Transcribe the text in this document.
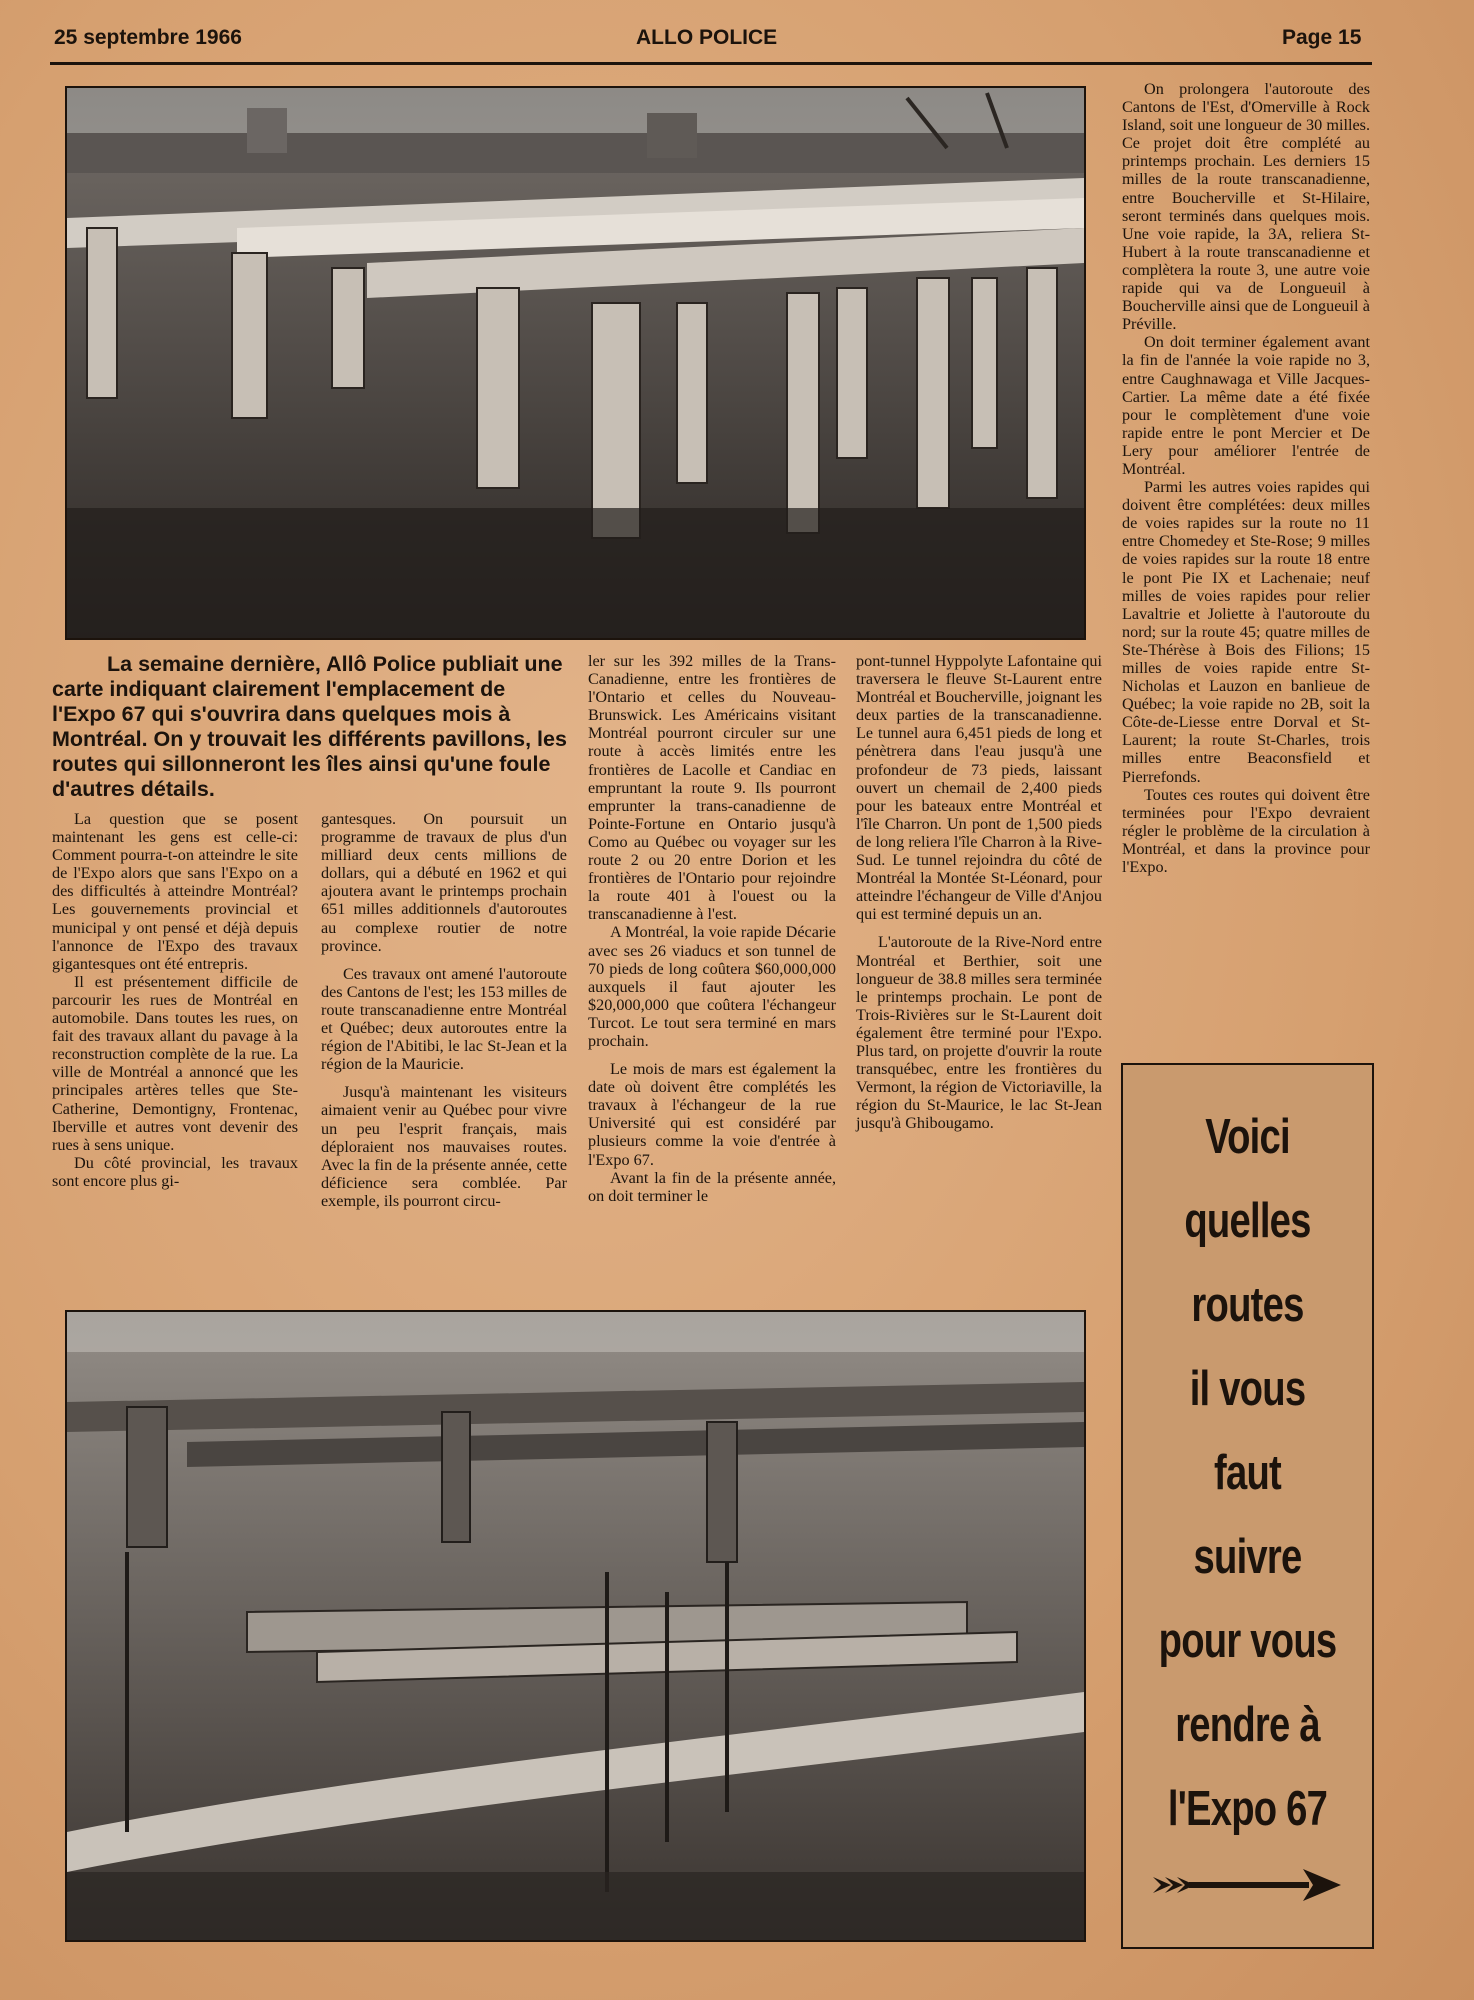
25 septembre 1966	ALLO POLICE	Page 15

La semaine dernière, Allô Police publiait une carte indiquant clairement l'emplacement de l'Expo 67 qui s'ouvrira dans quelques mois à Montréal. On y trouvait les différents pavillons, les routes qui sillonneront les îles ainsi qu'une foule d'autres détails.

La question que se posent maintenant les gens est celle-ci: Comment pourra-t-on atteindre le site de l'Expo alors que sans l'Expo on a des difficultés à atteindre Montréal? Les gouvernements provincial et municipal y ont pensé et déjà depuis l'annonce de l'Expo des travaux gigantesques ont été entrepris.

Il est présentement difficile de parcourir les rues de Montréal en automobile. Dans toutes les rues, on fait des travaux allant du pavage à la reconstruction complète de la rue. La ville de Montréal a annoncé que les principales artères telles que Ste-Catherine, Demontigny, Frontenac, Iberville et autres vont devenir des rues à sens unique.

Du côté provincial, les travaux sont encore plus gi-

gantesques. On poursuit un programme de travaux de plus d'un milliard deux cents millions de dollars, qui a débuté en 1962 et qui ajoutera avant le printemps prochain 651 milles additionnels d'autoroutes au complexe routier de notre province.

Ces travaux ont amené l'autoroute des Cantons de l'est; les 153 milles de route transcanadienne entre Montréal et Québec; deux autoroutes entre la région de l'Abitibi, le lac St-Jean et la région de la Mauricie.

Jusqu'à maintenant les visiteurs aimaient venir au Québec pour vivre un peu l'esprit français, mais déploraient nos mauvaises routes. Avec la fin de la présente année, cette déficience sera comblée. Par exemple, ils pourront circu-

ler sur les 392 milles de la Trans-Canadienne, entre les frontières de l'Ontario et celles du Nouveau-Brunswick. Les Américains visitant Montréal pourront circuler sur une route à accès limités entre les frontières de Lacolle et Candiac en empruntant la route 9. Ils pourront emprunter la trans-canadienne de Pointe-Fortune en Ontario jusqu'à Como au Québec ou voyager sur les route 2 ou 20 entre Dorion et les frontières de l'Ontario pour rejoindre la route 401 à l'ouest ou la transcanadienne à l'est.

A Montréal, la voie rapide Décarie avec ses 26 viaducs et son tunnel de 70 pieds de long coûtera $60,000,000 auxquels il faut ajouter les $20,000,000 que coûtera l'échangeur Turcot. Le tout sera terminé en mars prochain.

Le mois de mars est également la date où doivent être complétés les travaux à l'échangeur de la rue Université qui est considéré par plusieurs comme la voie d'entrée à l'Expo 67.

Avant la fin de la présente année, on doit terminer le

pont-tunnel Hyppolyte Lafontaine qui traversera le fleuve St-Laurent entre Montréal et Boucherville, joignant les deux parties de la transcanadienne. Le tunnel aura 6,451 pieds de long et pénètrera dans l'eau jusqu'à une profondeur de 73 pieds, laissant ouvert un chemail de 2,400 pieds pour les bateaux entre Montréal et l'île Charron. Un pont de 1,500 pieds de long reliera l'île Charron à la Rive-Sud. Le tunnel rejoindra du côté de Montréal la Montée St-Léonard, pour atteindre l'échangeur de Ville d'Anjou qui est terminé depuis un an.

L'autoroute de la Rive-Nord entre Montréal et Berthier, soit une longueur de 38.8 milles sera terminée le printemps prochain. Le pont de Trois-Rivières sur le St-Laurent doit également être terminé pour l'Expo. Plus tard, on projette d'ouvrir la route transquébec, entre les frontières du Vermont, la région de Victoriaville, la région du St-Maurice, le lac St-Jean jusqu'à Ghibougamo.

On prolongera l'autoroute des Cantons de l'Est, d'Omerville à Rock Island, soit une longueur de 30 milles. Ce projet doit être complété au printemps prochain. Les derniers 15 milles de la route transcanadienne, entre Boucherville et St-Hilaire, seront terminés dans quelques mois. Une voie rapide, la 3A, reliera St-Hubert à la route transcanadienne et complètera la route 3, une autre voie rapide qui va de Longueuil à Boucherville ainsi que de Longueuil à Préville.

On doit terminer également avant la fin de l'année la voie rapide no 3, entre Caughnawaga et Ville Jacques-Cartier. La même date a été fixée pour le complètement d'une voie rapide entre le pont Mercier et De Lery pour améliorer l'entrée de Montréal.

Parmi les autres voies rapides qui doivent être complétées: deux milles de voies rapides sur la route no 11 entre Chomedey et Ste-Rose; 9 milles de voies rapides sur la route 18 entre le pont Pie IX et Lachenaie; neuf milles de voies rapides pour relier Lavaltrie et Joliette à l'autoroute du nord; sur la route 45; quatre milles de Ste-Thérèse à Bois des Filions; 15 milles de voies rapide entre St-Nicholas et Lauzon en banlieue de Québec; la voie rapide no 2B, soit la Côte-de-Liesse entre Dorval et St-Laurent; la route St-Charles, trois milles entre Beaconsfield et Pierrefonds.

Toutes ces routes qui doivent être terminées pour l'Expo devraient régler le problème de la circulation à Montréal, et dans la province pour l'Expo.

Voici
quelles
routes
il vous
faut
suivre
pour vous
rendre à
l'Expo 67
